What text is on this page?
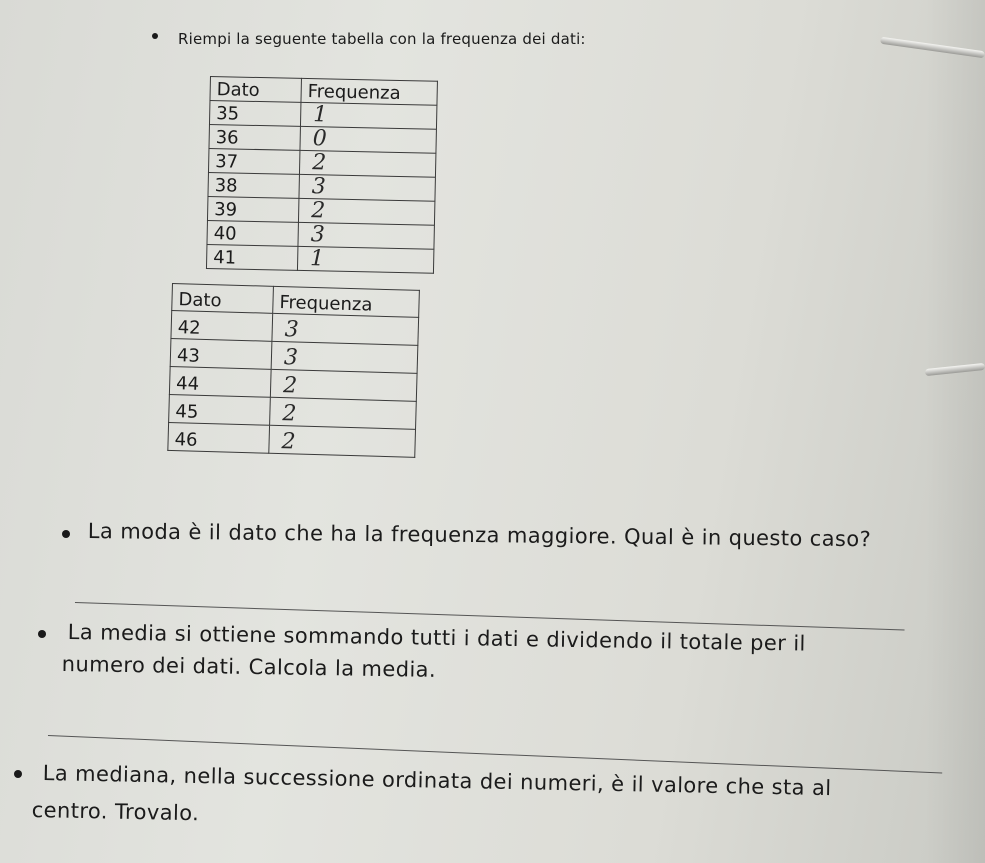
Riempi la seguente tabella con la frequenza dei dati:
Dato	Frequenza
35	1
36	0
37	2
38	3
39	2
40	3
41	1
Dato	Frequenza
42	3
43	3
44	2
45	2
46	2
La moda è il dato che ha la frequenza maggiore. Qual è in questo caso?
La media si ottiene sommando tutti i dati e dividendo il totale per il
numero dei dati. Calcola la media.
La mediana, nella successione ordinata dei numeri, è il valore che sta al
centro. Trovalo.
